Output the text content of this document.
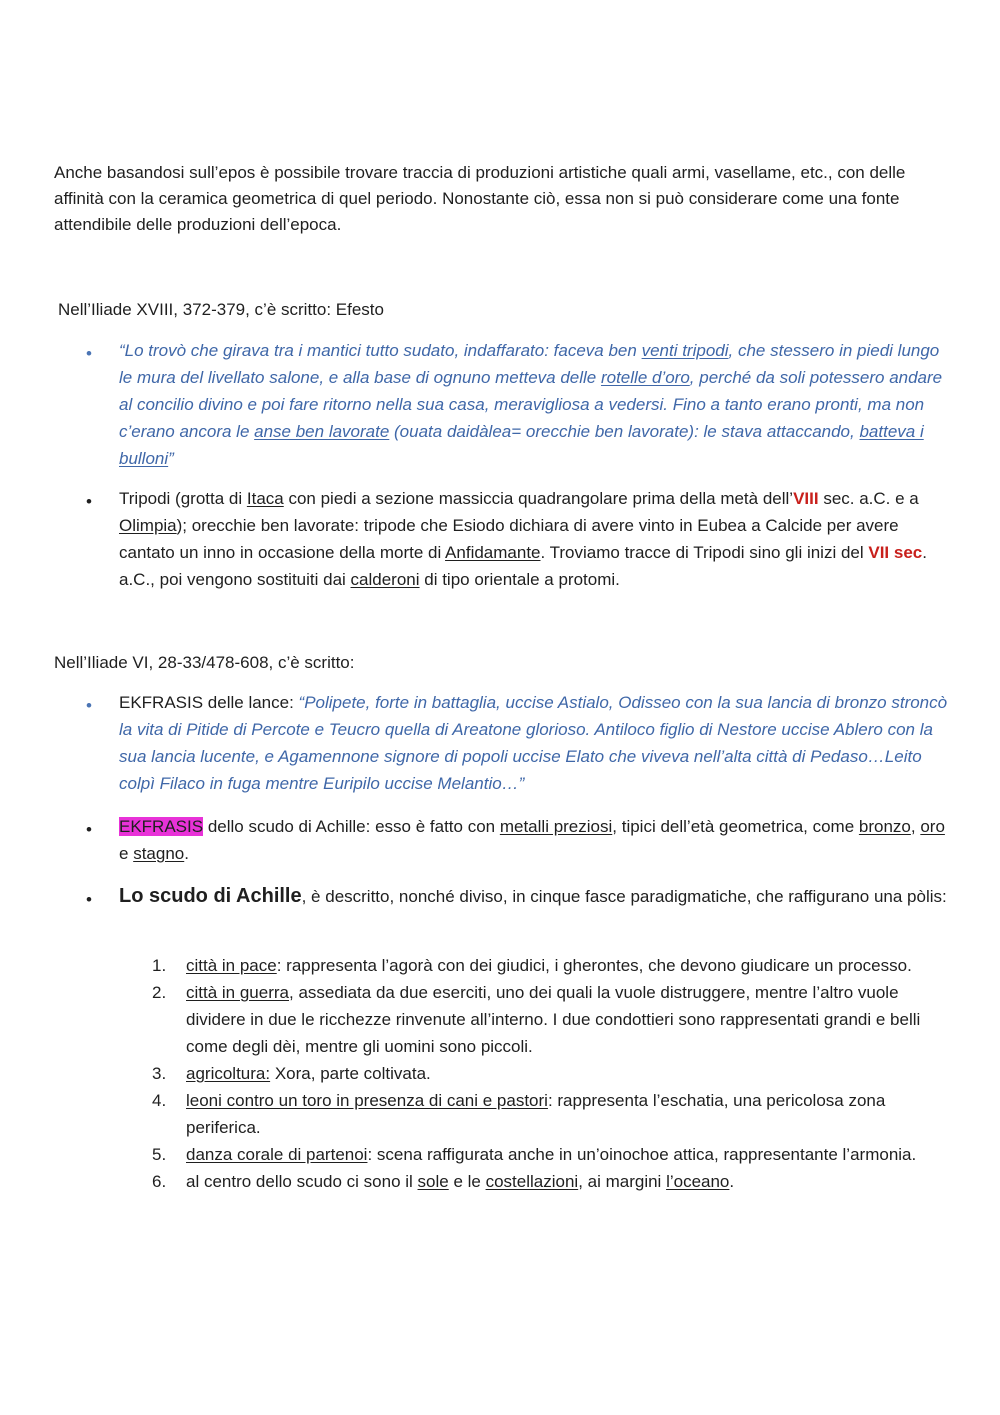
Anche basandosi sull’epos è possibile trovare traccia di produzioni artistiche quali armi, vasellame, etc., con delle affinità con la ceramica geometrica di quel periodo. Nonostante ciò, essa non si può considerare come una fonte attendibile delle produzioni dell’epoca.

Nell’Iliade XVIII, 372-379, c’è scritto: Efesto

• “Lo trovò che girava tra i mantici tutto sudato, indaffarato: faceva ben venti tripodi, che stessero in piedi lungo le mura del livellato salone, e alla base di ognuno metteva delle rotelle d’oro, perché da soli potessero andare al concilio divino e poi fare ritorno nella sua casa, meravigliosa a vedersi. Fino a tanto erano pronti, ma non c’erano ancora le anse ben lavorate (ouata daidàlea= orecchie ben lavorate): le stava attaccando, batteva i bulloni”

• Tripodi (grotta di Itaca con piedi a sezione massiccia quadrangolare prima della metà dell’VIII sec. a.C. e a Olimpia); orecchie ben lavorate: tripode che Esiodo dichiara di avere vinto in Eubea a Calcide per avere cantato un inno in occasione della morte di Anfidamante. Troviamo tracce di Tripodi sino gli inizi del VII sec. a.C., poi vengono sostituiti dai calderoni di tipo orientale a protomi.

Nell’Iliade VI, 28-33/478-608, c’è scritto:

• EKFRASIS delle lance: “Polipete, forte in battaglia, uccise Astialo, Odisseo con la sua lancia di bronzo stroncò la vita di Pitide di Percote e Teucro quella di Areatone glorioso. Antiloco figlio di Nestore uccise Ablero con la sua lancia lucente, e Agamennone signore di popoli uccise Elato che viveva nell’alta città di Pedaso…Leito colpì Filaco in fuga mentre Euripilo uccise Melantio…”

• EKFRASIS dello scudo di Achille: esso è fatto con metalli preziosi, tipici dell’età geometrica, come bronzo, oro e stagno.

• Lo scudo di Achille, è descritto, nonché diviso, in cinque fasce paradigmatiche, che raffigurano una pòlis:

1. città in pace: rappresenta l’agorà con dei giudici, i gherontes, che devono giudicare un processo.
2. città in guerra, assediata da due eserciti, uno dei quali la vuole distruggere, mentre l’altro vuole dividere in due le ricchezze rinvenute all’interno. I due condottieri sono rappresentati grandi e belli come degli dèi, mentre gli uomini sono piccoli.
3. agricoltura: Xora, parte coltivata.
4. leoni contro un toro in presenza di cani e pastori: rappresenta l’eschatia, una pericolosa zona periferica.
5. danza corale di partenoi: scena raffigurata anche in un’oinochoe attica, rappresentante l’armonia.
6. al centro dello scudo ci sono il sole e le costellazioni, ai margini l’oceano.
